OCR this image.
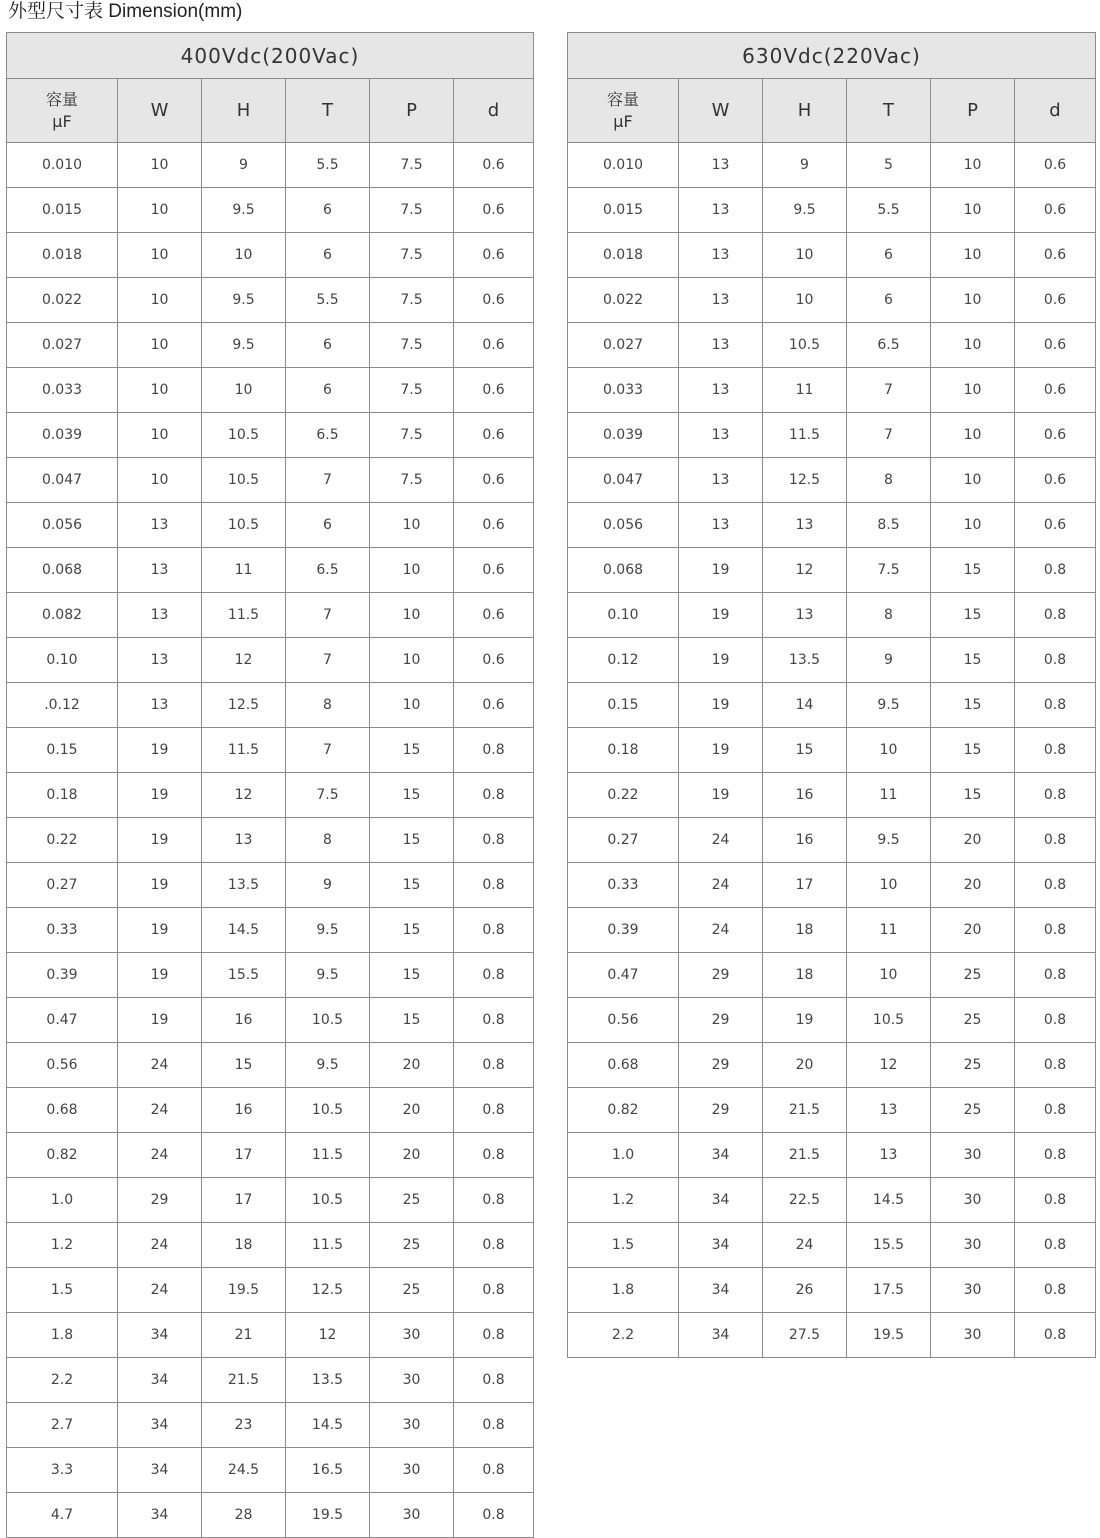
外型尺寸表 Dimension(mm)
400Vdc(200Vac)					

容量
μF	W	H	T	P	d
0.010	10	9	5.5	7.5	0.6
0.015	10	9.5	6	7.5	0.6
0.018	10	10	6	7.5	0.6
0.022	10	9.5	5.5	7.5	0.6
0.027	10	9.5	6	7.5	0.6
0.033	10	10	6	7.5	0.6
0.039	10	10.5	6.5	7.5	0.6
0.047	10	10.5	7	7.5	0.6
0.056	13	10.5	6	10	0.6
0.068	13	11	6.5	10	0.6
0.082	13	11.5	7	10	0.6
0.10	13	12	7	10	0.6
.0.12	13	12.5	8	10	0.6
0.15	19	11.5	7	15	0.8
0.18	19	12	7.5	15	0.8
0.22	19	13	8	15	0.8
0.27	19	13.5	9	15	0.8
0.33	19	14.5	9.5	15	0.8
0.39	19	15.5	9.5	15	0.8
0.47	19	16	10.5	15	0.8
0.56	24	15	9.5	20	0.8
0.68	24	16	10.5	20	0.8
0.82	24	17	11.5	20	0.8
1.0	29	17	10.5	25	0.8
1.2	24	18	11.5	25	0.8
1.5	24	19.5	12.5	25	0.8
1.8	34	21	12	30	0.8
2.2	34	21.5	13.5	30	0.8
2.7	34	23	14.5	30	0.8
3.3	34	24.5	16.5	30	0.8
4.7	34	28	19.5	30	0.8
630Vdc(220Vac)					

容量
μF	W	H	T	P	d
0.010	13	9	5	10	0.6
0.015	13	9.5	5.5	10	0.6
0.018	13	10	6	10	0.6
0.022	13	10	6	10	0.6
0.027	13	10.5	6.5	10	0.6
0.033	13	11	7	10	0.6
0.039	13	11.5	7	10	0.6
0.047	13	12.5	8	10	0.6
0.056	13	13	8.5	10	0.6
0.068	19	12	7.5	15	0.8
0.10	19	13	8	15	0.8
0.12	19	13.5	9	15	0.8
0.15	19	14	9.5	15	0.8
0.18	19	15	10	15	0.8
0.22	19	16	11	15	0.8
0.27	24	16	9.5	20	0.8
0.33	24	17	10	20	0.8
0.39	24	18	11	20	0.8
0.47	29	18	10	25	0.8
0.56	29	19	10.5	25	0.8
0.68	29	20	12	25	0.8
0.82	29	21.5	13	25	0.8
1.0	34	21.5	13	30	0.8
1.2	34	22.5	14.5	30	0.8
1.5	34	24	15.5	30	0.8
1.8	34	26	17.5	30	0.8
2.2	34	27.5	19.5	30	0.8
